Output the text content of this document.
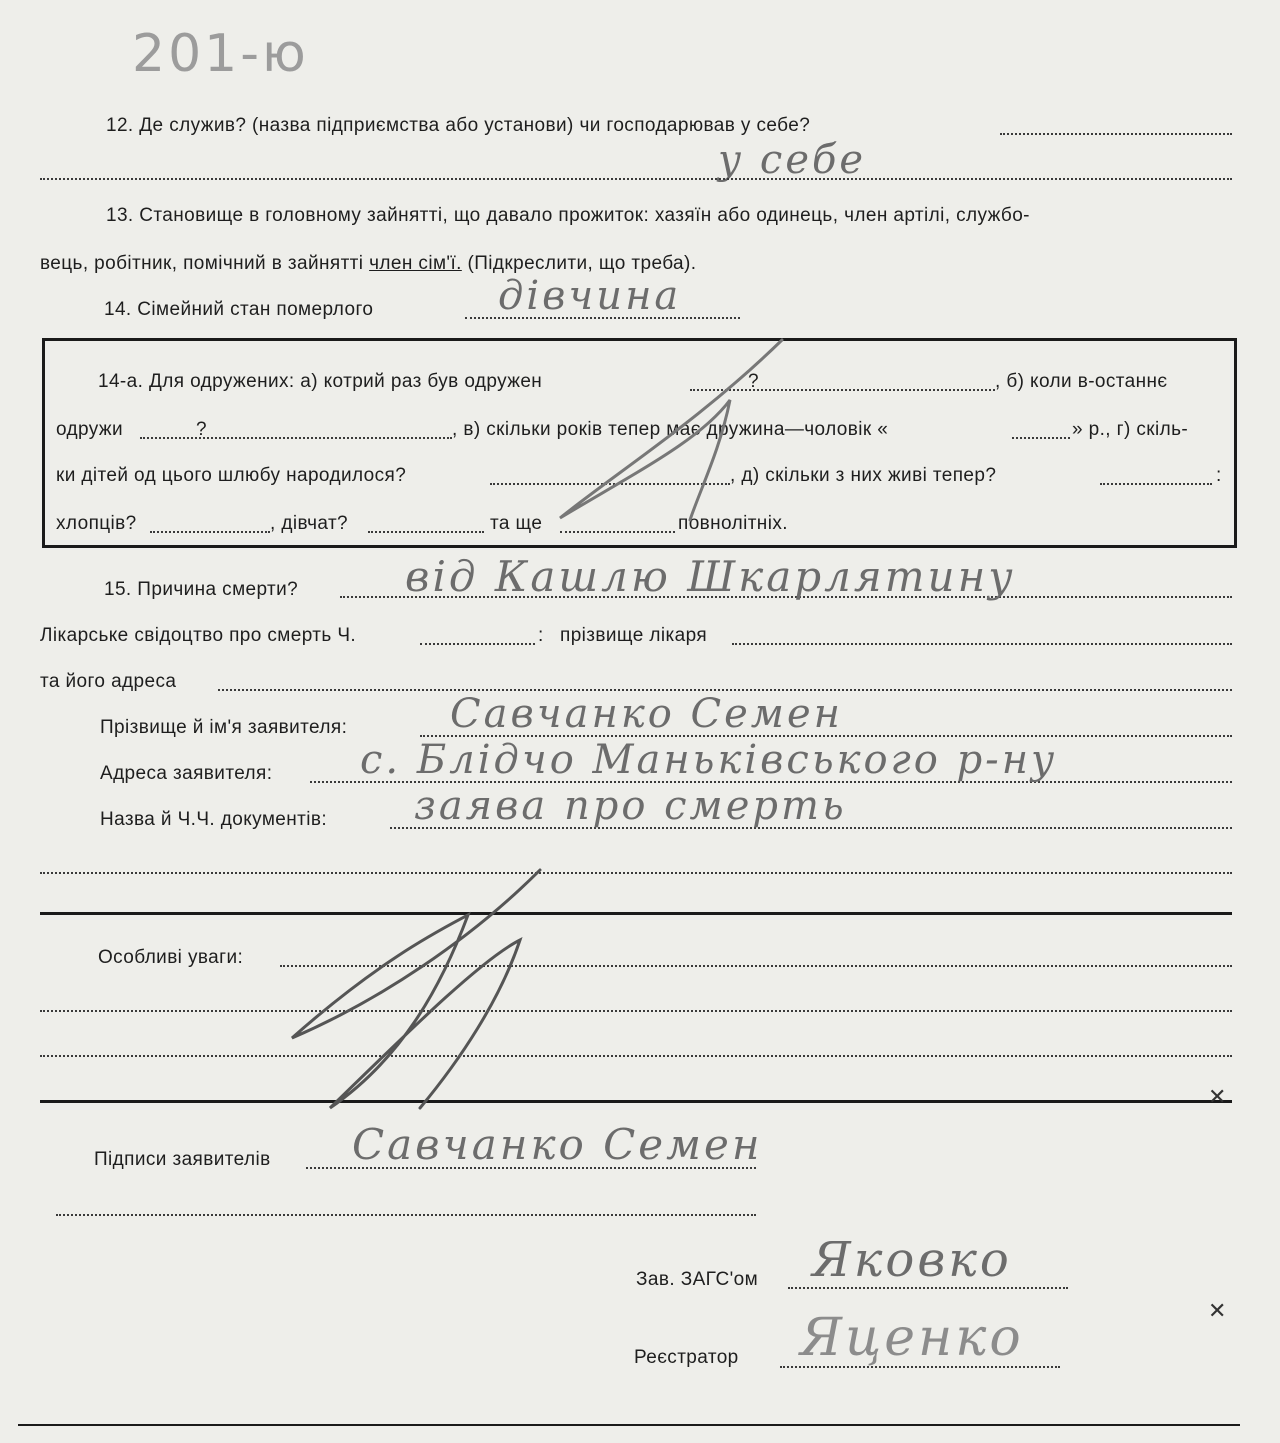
201-ю
12. Де служив? (назва підприємства або установи) чи господарював у себе?
у себе
13. Становище в головному зайнятті, що давало прожиток: хазяїн або одинець, член артілі, службо-
вець, робітник, помічний в зайнятті член сім'ї. (Підкреслити, що треба).
14. Сімейний стан померлого	дівчина
14-а. Для одружених: а) котрий раз був одружен	?	, б) коли в-останнє
одружи	?	, в) скільки років тепер має дружина—чоловік «	» р., г) скіль-
ки дітей од цього шлюбу народилося?	, д) скільки з них живі тепер?	:
хлопців?	, дівчат?	та ще	повнолітніх.
15. Причина смерти?	від Кашлю Шкарлятину
Лікарське свідоцтво про смерть Ч.	: прізвище лікаря
та його адреса
Прізвище й ім'я заявителя:	Савчанко Семен
Адреса заявителя: с. Блідчо Маньківського р-ну
Назва й Ч.Ч. документів: заява про смерть
Особливі уваги:
Підписи заявителів Савчанко Семен
Зав. ЗАГС'ом Яковко
Реєстратор Яценко
✕
✕
